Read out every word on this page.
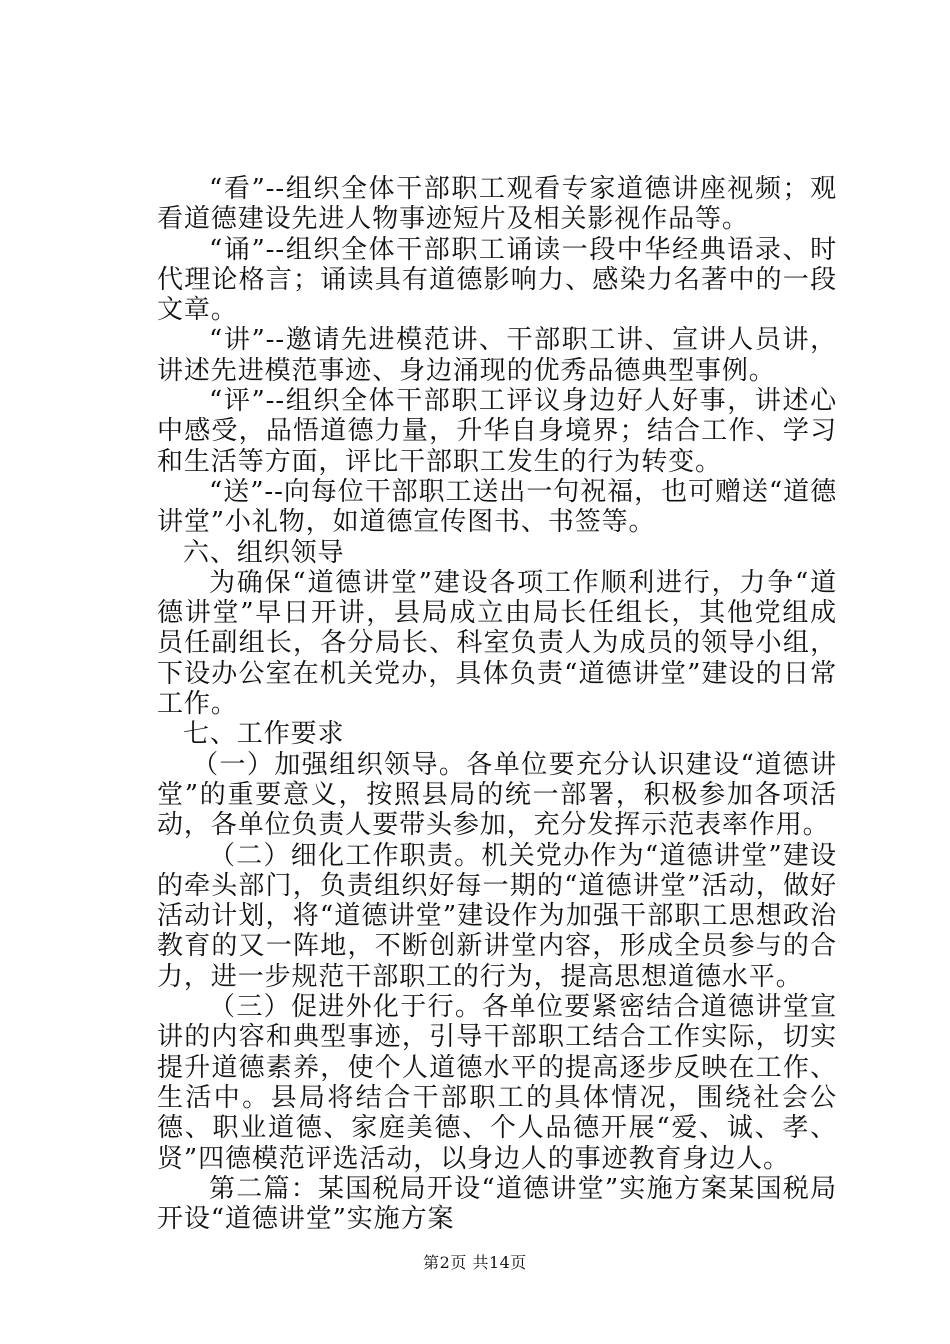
“看”--组织全体干部职工观看专家道德讲座视频；观看道德建设先进人物事迹短片及相关影视作品等。

“诵”--组织全体干部职工诵读一段中华经典语录、时代理论格言；诵读具有道德影响力、感染力名著中的一段文章。

“讲”--邀请先进模范讲、干部职工讲、宣讲人员讲，讲述先进模范事迹、身边涌现的优秀品德典型事例。

“评”--组织全体干部职工评议身边好人好事，讲述心中感受，品悟道德力量，升华自身境界；结合工作、学习和生活等方面，评比干部职工发生的行为转变。

“送”--向每位干部职工送出一句祝福，也可赠送“道德讲堂”小礼物，如道德宣传图书、书签等。

六、组织领导

为确保“道德讲堂”建设各项工作顺利进行，力争“道德讲堂”早日开讲，县局成立由局长任组长，其他党组成员任副组长，各分局长、科室负责人为成员的领导小组，下设办公室在机关党办，具体负责“道德讲堂”建设的日常工作。

七、工作要求

（一）加强组织领导。各单位要充分认识建设“道德讲堂”的重要意义，按照县局的统一部署，积极参加各项活动，各单位负责人要带头参加，充分发挥示范表率作用。

（二）细化工作职责。机关党办作为“道德讲堂”建设的牵头部门，负责组织好每一期的“道德讲堂”活动，做好活动计划，将“道德讲堂”建设作为加强干部职工思想政治教育的又一阵地，不断创新讲堂内容，形成全员参与的合力，进一步规范干部职工的行为，提高思想道德水平。

（三）促进外化于行。各单位要紧密结合道德讲堂宣讲的内容和典型事迹，引导干部职工结合工作实际，切实提升道德素养，使个人道德水平的提高逐步反映在工作、生活中。县局将结合干部职工的具体情况，围绕社会公德、职业道德、家庭美德、个人品德开展“爱、诚、孝、贤”四德模范评选活动，以身边人的事迹教育身边人。

第二篇：某国税局开设“道德讲堂”实施方案某国税局开设“道德讲堂”实施方案

第2页 共14页
